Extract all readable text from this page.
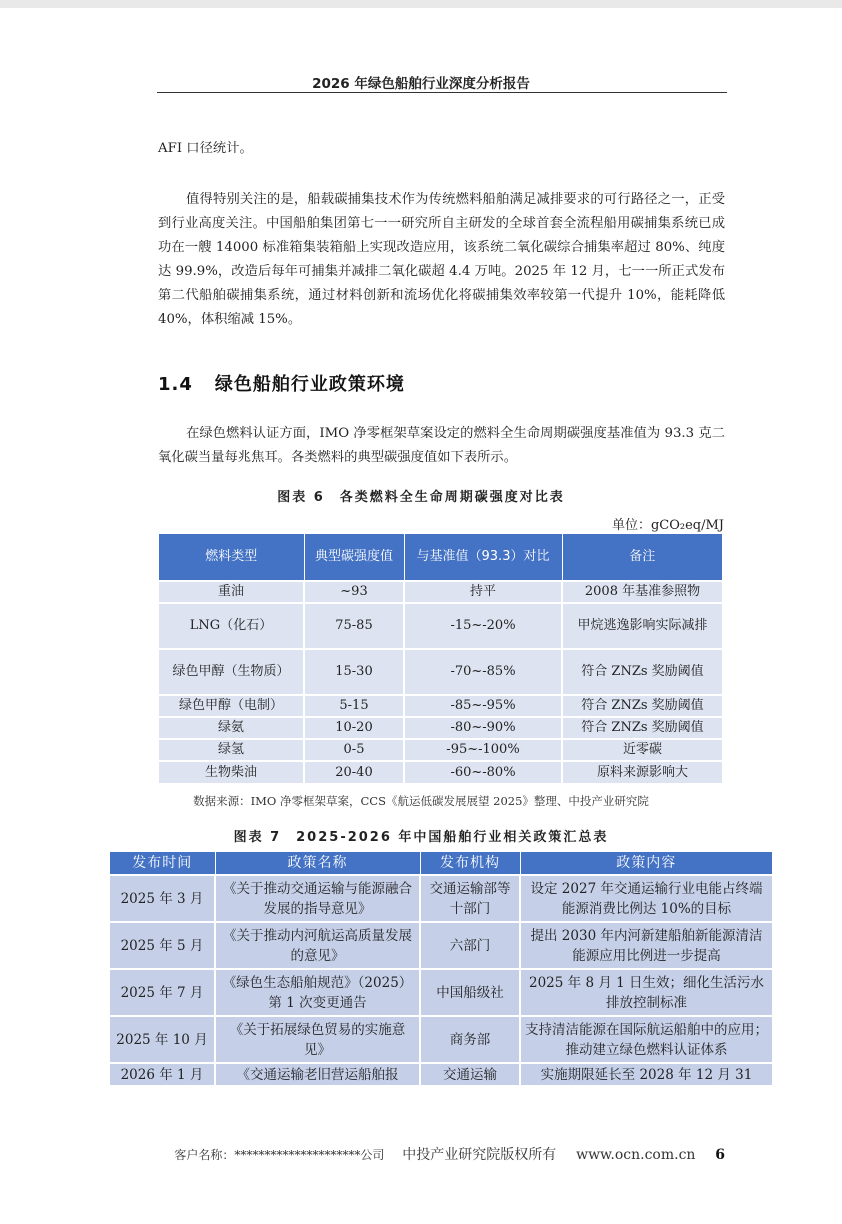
2026 年绿色船舶行业深度分析报告

AFI 口径统计。

值得特别关注的是，船载碳捕集技术作为传统燃料船舶满足减排要求的可行路径之一，正受到行业高度关注。中国船舶集团第七一一研究所自主研发的全球首套全流程船用碳捕集系统已成功在一艘 14000 标准箱集装箱船上实现改造应用，该系统二氧化碳综合捕集率超过 80%、纯度达 99.9%，改造后每年可捕集并减排二氧化碳超 4.4 万吨。2025 年 12 月，七一一所正式发布第二代船舶碳捕集系统，通过材料创新和流场优化将碳捕集效率较第一代提升 10%，能耗降低 40%，体积缩减 15%。

1.4 绿色船舶行业政策环境

在绿色燃料认证方面，IMO 净零框架草案设定的燃料全生命周期碳强度基准值为 93.3 克二氧化碳当量每兆焦耳。各类燃料的典型碳强度值如下表所示。

图表 6　各类燃料全生命周期碳强度对比表
单位：gCO₂eq/MJ
燃料类型	典型碳强度值	与基准值（93.3）对比	备注
重油	~93	持平	2008 年基准参照物
LNG（化石）	75-85	-15~-20%	甲烷逃逸影响实际减排
绿色甲醇（生物质）	15-30	-70~-85%	符合 ZNZs 奖励阈值
绿色甲醇（电制）	5-15	-85~-95%	符合 ZNZs 奖励阈值
绿氨	10-20	-80~-90%	符合 ZNZs 奖励阈值
绿氢	0-5	-95~-100%	近零碳
生物柴油	20-40	-60~-80%	原料来源影响大
数据来源：IMO 净零框架草案，CCS《航运低碳发展展望 2025》整理、中投产业研究院
图表 7　2025-2026 年中国船舶行业相关政策汇总表
发布时间	政策名称	发布机构	政策内容
2025 年 3 月	《关于推动交通运输与能源融合发展的指导意见》	交通运输部等十部门	设定 2027 年交通运输行业电能占终端能源消费比例达 10%的目标
2025 年 5 月	《关于推动内河航运高质量发展的意见》	六部门	提出 2030 年内河新建船舶新能源清洁能源应用比例进一步提高
2025 年 7 月	《绿色生态船舶规范》（2025）第 1 次变更通告	中国船级社	2025 年 8 月 1 日生效；细化生活污水排放控制标准
2025 年 10 月	《关于拓展绿色贸易的实施意见》	商务部	支持清洁能源在国际航运船舶中的应用；推动建立绿色燃料认证体系
2026 年 1 月	《交通运输老旧营运船舶报	交通运输	实施期限延长至 2028 年 12 月 31
客户名称：*********************公司 中投产业研究院版权所有 www.ocn.com.cn 6
